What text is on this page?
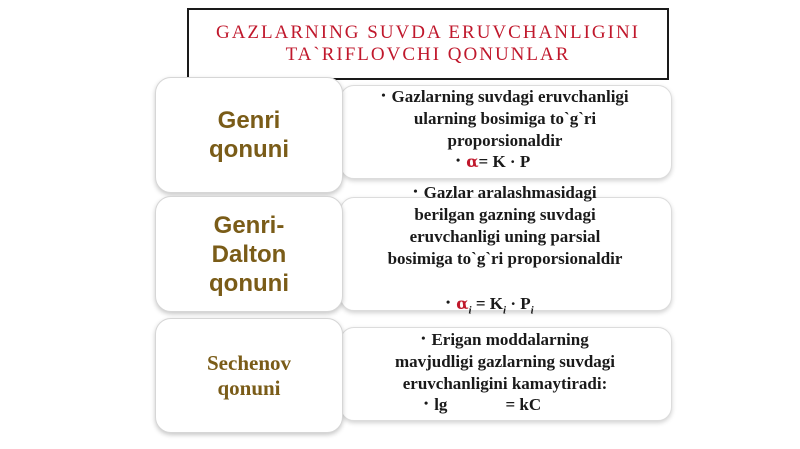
GAZLARNING SUVDA ERUVCHANLIGINI
TA`RIFLOVCHI QONUNLAR
Genri
qonuni
• Gazlarning suvdagi eruvchanligi
ularning bosimiga to`g`ri
proporsionaldir
• α= K · P
Genri-
Dalton
qonuni
• Gazlar aralashmasidagi
berilgan gazning suvdagi
eruvchanligi uning parsial
bosimiga to`g`ri proporsionaldir
• $\alpha_i = K_i \cdot P_i$
Sechenov
qonuni
• Erigan moddalarning
mavjudligi gazlarning suvdagi
eruvchanligini kamaytiradi:
• lg	= kC
